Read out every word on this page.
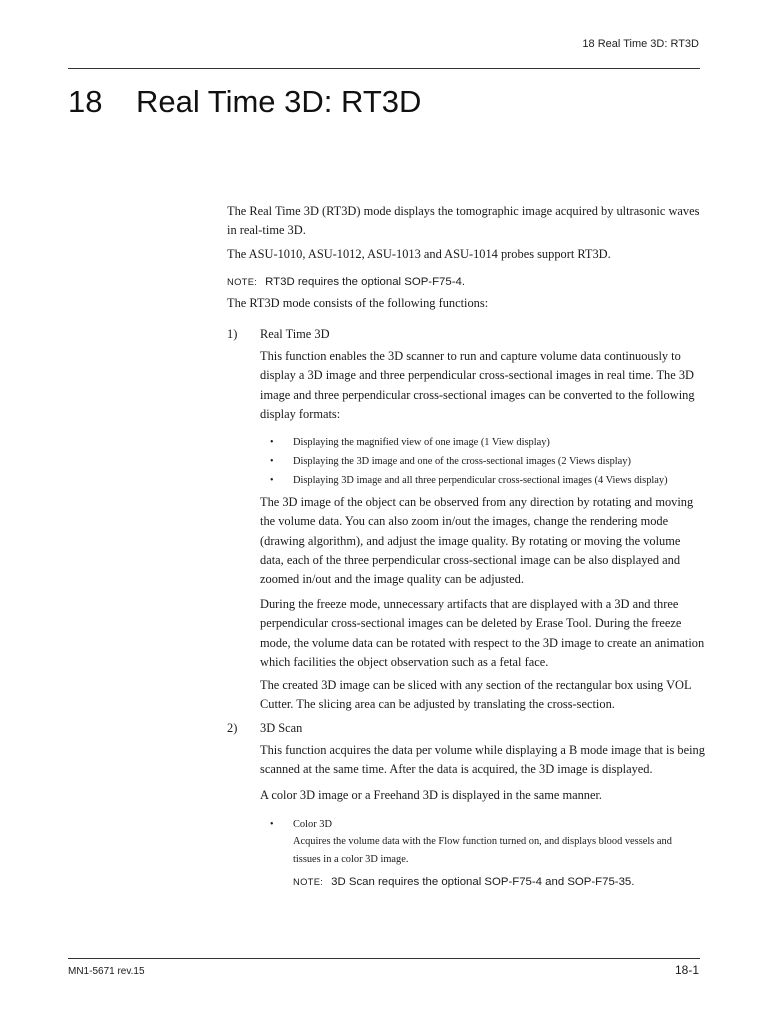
18 Real Time 3D: RT3D
18 Real Time 3D: RT3D
The Real Time 3D (RT3D) mode displays the tomographic image acquired by ultrasonic waves
in real-time 3D.
The ASU-1010, ASU-1012, ASU-1013 and ASU-1014 probes support RT3D.
NOTE: RT3D requires the optional SOP-F75-4.
The RT3D mode consists of the following functions:
1) Real Time 3D
This function enables the 3D scanner to run and capture volume data continuously to
display a 3D image and three perpendicular cross-sectional images in real time. The 3D
image and three perpendicular cross-sectional images can be converted to the following
display formats:
• Displaying the magnified view of one image (1 View display)
• Displaying the 3D image and one of the cross-sectional images (2 Views display)
• Displaying 3D image and all three perpendicular cross-sectional images (4 Views display)
The 3D image of the object can be observed from any direction by rotating and moving
the volume data. You can also zoom in/out the images, change the rendering mode
(drawing algorithm), and adjust the image quality. By rotating or moving the volume
data, each of the three perpendicular cross-sectional image can be also displayed and
zoomed in/out and the image quality can be adjusted.
During the freeze mode, unnecessary artifacts that are displayed with a 3D and three
perpendicular cross-sectional images can be deleted by Erase Tool. During the freeze
mode, the volume data can be rotated with respect to the 3D image to create an animation
which facilities the object observation such as a fetal face.
The created 3D image can be sliced with any section of the rectangular box using VOL
Cutter. The slicing area can be adjusted by translating the cross-section.
2) 3D Scan
This function acquires the data per volume while displaying a B mode image that is being
scanned at the same time. After the data is acquired, the 3D image is displayed.
A color 3D image or a Freehand 3D is displayed in the same manner.
• Color 3D
Acquires the volume data with the Flow function turned on, and displays blood vessels and
tissues in a color 3D image.
NOTE: 3D Scan requires the optional SOP-F75-4 and SOP-F75-35.
MN1-5671 rev.15	18-1
